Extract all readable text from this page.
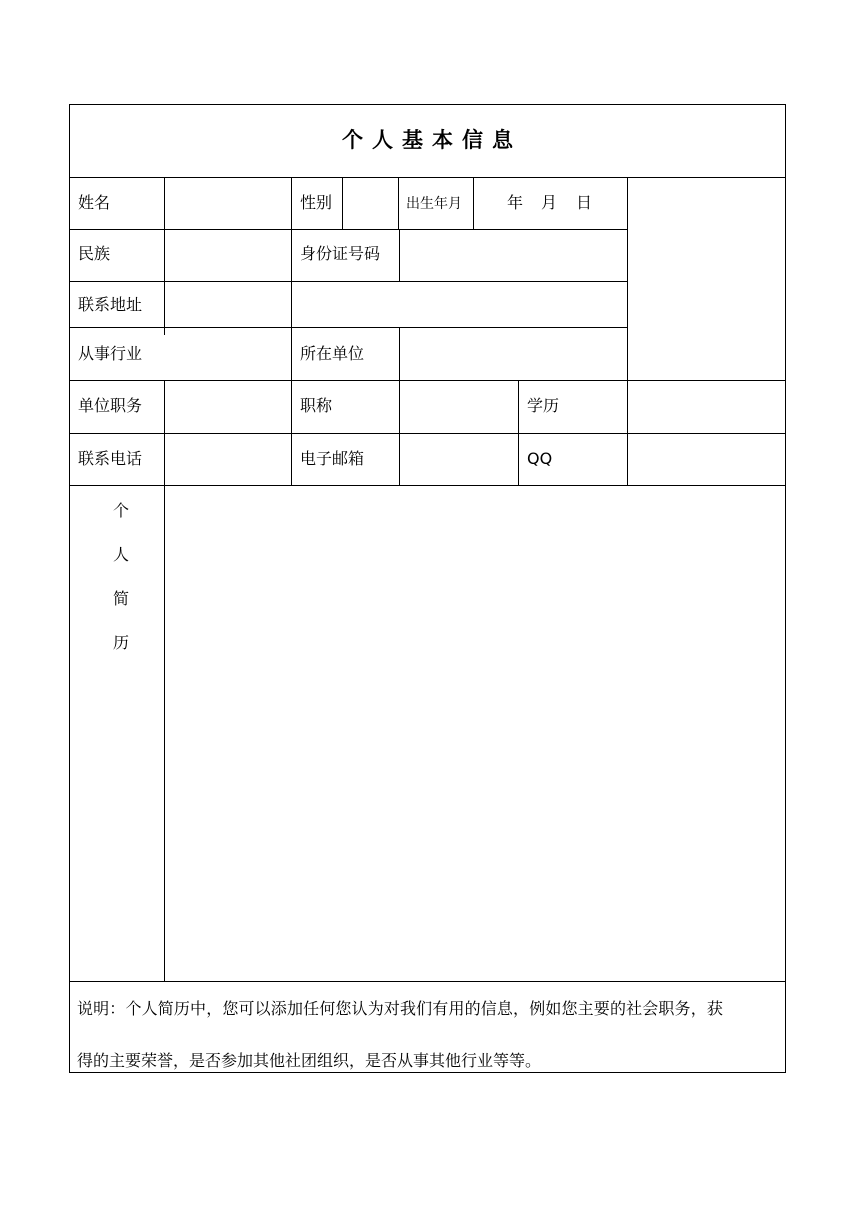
个人基本信息
姓名	性别	出生年月	年 月 日
民族	身份证号码
联系地址
从事行业	所在单位
单位职务	职称	学历
联系电话	电子邮箱	QQ
个
人
简
历
说明：个人简历中，您可以添加任何您认为对我们有用的信息，例如您主要的社会职务，获
得的主要荣誉，是否参加其他社团组织，是否从事其他行业等等。
